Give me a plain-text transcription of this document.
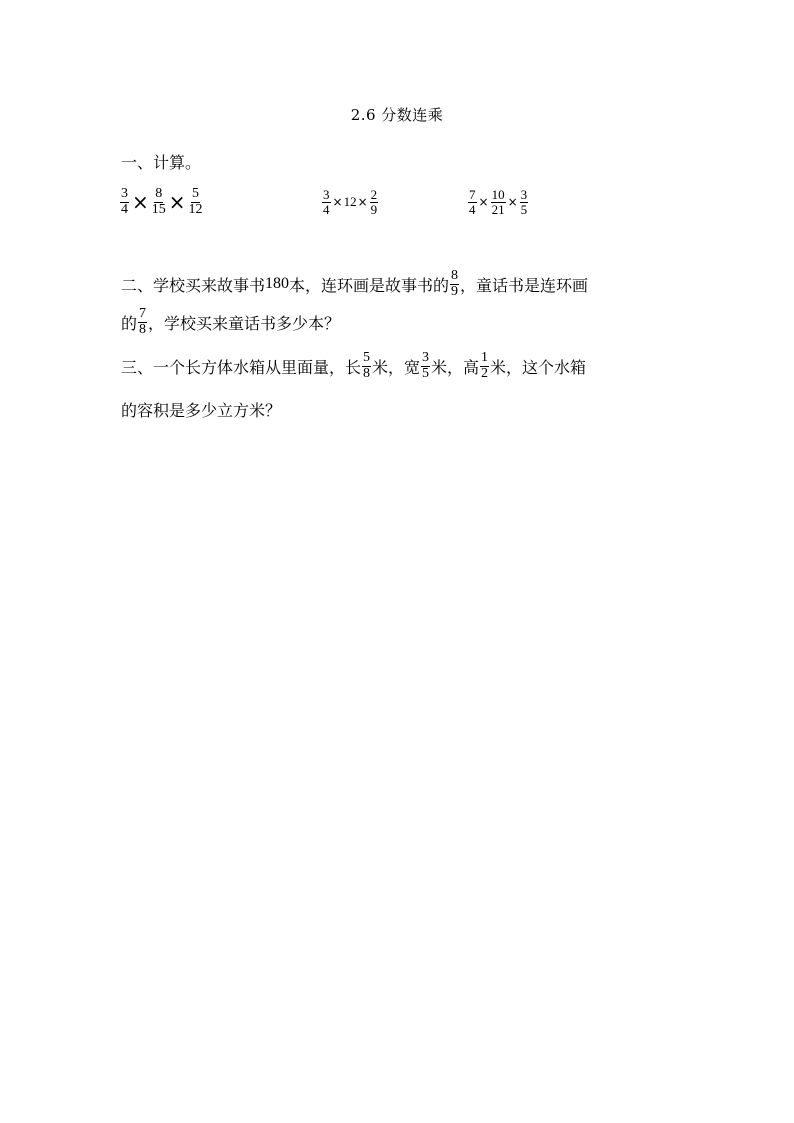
2.6 分数连乘
一、计算。
$\frac{3}{4} \times \frac{8}{15} \times \frac{5}{12}$	$\frac{3}{4} \times 12 \times \frac{2}{9}$	$\frac{7}{4} \times \frac{10}{21} \times \frac{3}{5}$
二、学校买来故事书 180 本，连环画是故事书的 $\frac{8}{9}$ ，童话书是连环画
的 $\frac{7}{8}$ ，学校买来童话书多少本？
三、一个长方体水箱从里面量，长 $\frac{5}{8}$ 米，宽 $\frac{3}{5}$ 米，高 $\frac{1}{2}$ 米，这个水箱
的容积是多少立方米？
